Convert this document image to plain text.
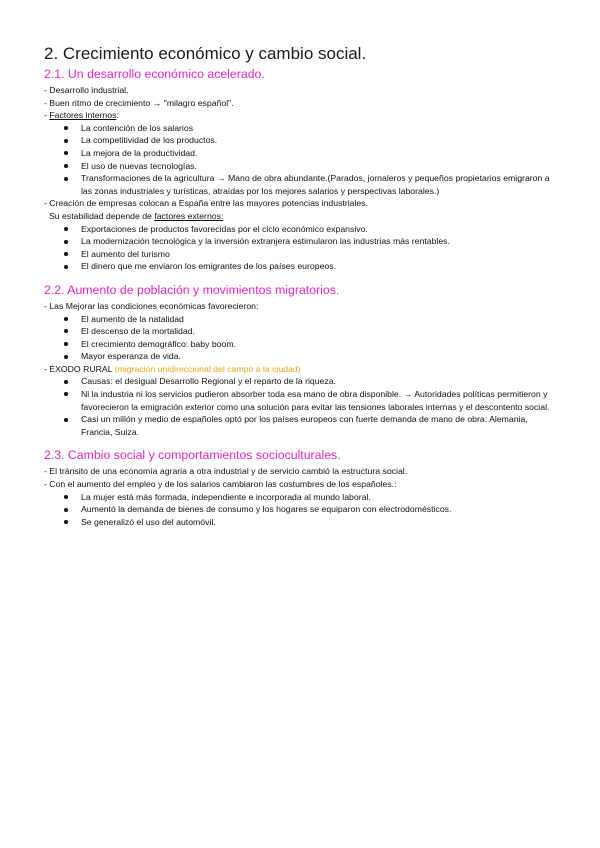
2. Crecimiento económico y cambio social.
2.1. Un desarrollo económico acelerado.

- Desarrollo industrial.

- Buen ritmo de crecimiento → "milagro español".

- Factores internos:

La contención de los salarios
La competitividad de los productos.
La mejora de la productividad.
El uso de nuevas tecnologías.
Transformaciones de la agricultura → Mano de obra abundante.(Parados, jornaleros y pequeños propietarios emigraron a las zonas industriales y turísticas, atraídas por los mejores salarios y perspectivas laborales.)

- Creación de empresas colocan a España entre las mayores potencias industriales.

Su estabilidad depende de factores externos:

Exportaciones de productos favorecidas por el ciclo económico expansivo.
La modernización tecnológica y la inversión extranjera estimularon las industrias más rentables.
El aumento del turismo
El dinero que me enviaron los emigrantes de los países europeos.
2.2. Aumento de población y movimientos migratorios.

- Las Mejorar las condiciones económicas favorecieron:

El aumento de la natalidad
El descenso de la mortalidad.
El crecimiento demográfico: baby boom.
Mayor esperanza de vida.

- ÉXODO RURAL (migración unidireccional del campo a la ciudad)

Causas: el desigual Desarrollo Regional y el reparto de la riqueza.
Ni la industria ni los servicios pudieron absorber toda esa mano de obra disponible. → Autoridades políticas permitieron y favorecieron la emigración exterior como una solución para evitar las tensiones laborales internas y el descontento social.
Casi un millón y medio de españoles optó por los países europeos con fuerte demanda de mano de obra: Alemania, Francia, Suiza.
2.3. Cambio social y comportamientos socioculturales.

- El tránsito de una economía agraria a otra industrial y de servicio cambió la estructura social.

- Con el aumento del empleo y de los salarios cambiaron las costumbres de los españoles.:

La mujer está más formada, independiente e incorporada al mundo laboral.
Aumentó la demanda de bienes de consumo y los hogares se equiparon con electrodomésticos.
Se generalizó el uso del automóvil.
